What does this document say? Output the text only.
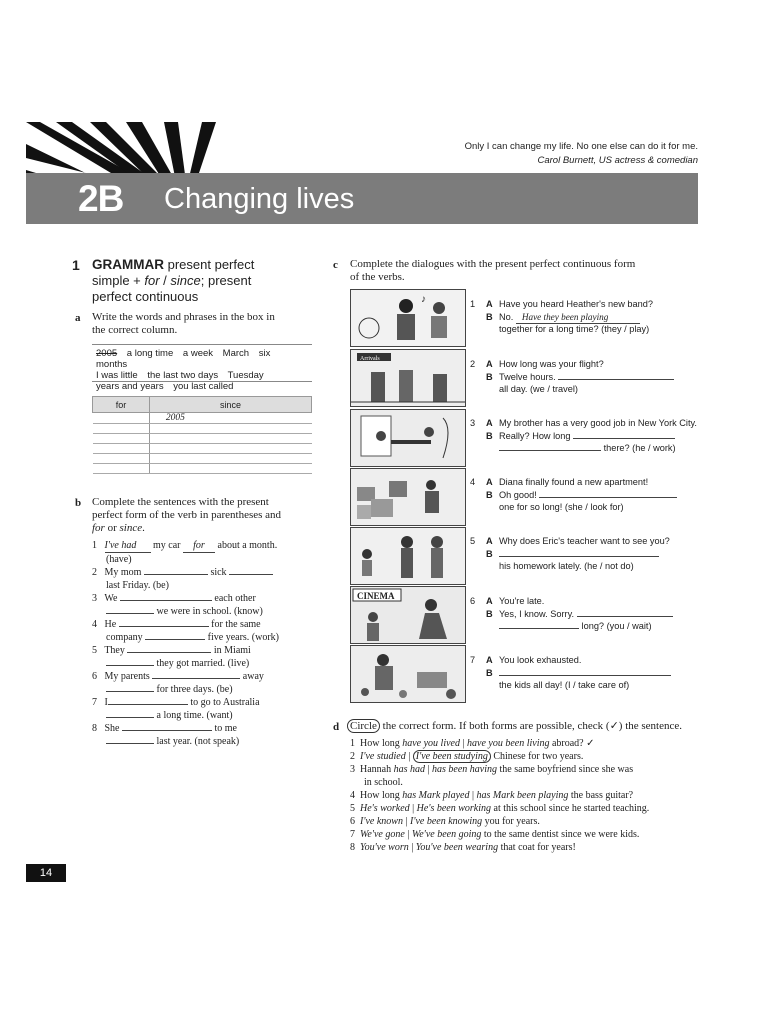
Only I can change my life. No one else can do it for me.
Carol Burnett, US actress & comedian
2B Changing lives
1 GRAMMAR present perfect
simple + for / since; present
perfect continuous
a Write the words and phrases in the box in
the correct column.
2005 a long time a week March six months
I was little the last two days Tuesday
years and years you last called
for	since
	2005

b Complete the sentences with the present
perfect form of the verb in parentheses and
for or since.
1 I've had my car for about a month.
(have)
2 My mom	sick
last Friday. (be)
3 We	each other
we were in school. (know)
4 He	for the same
company	five years. (work)
5 They	in Miami
they got married. (live)
6 My parents	away
for three days. (be)
7 I	to go to Australia
a long time. (want)
8 She	to me
last year. (not speak)
c Complete the dialogues with the present perfect continuous form
of the verbs.
♪
Arrivals
CINEMA
1 A Have you heard Heather's new band?
B No. Have they been playing
together for a long time? (they / play)
2 A How long was your flight?
B Twelve hours.
all day. (we / travel)
3 A My brother has a very good job in New York City.
B Really? How long
there? (he / work)
4 A Diana finally found a new apartment!
B Oh good!
one for so long! (she / look for)
5 A Why does Eric's teacher want to see you?
B
his homework lately. (he / not do)
6 A You're late.
B Yes, I know. Sorry.
long? (you / wait)
7 A You look exhausted.
B
the kids all day! (I / take care of)
d Circle the correct form. If both forms are possible, check (✓) the sentence.
1 How long have you lived | have you been living abroad? ✓
2 I've studied | I've been studying Chinese for two years.
3 Hannah has had | has been having the same boyfriend since she was
in school.
4 How long has Mark played | has Mark been playing the bass guitar?
5 He's worked | He's been working at this school since he started teaching.
6 I've known | I've been knowing you for years.
7 We've gone | We've been going to the same dentist since we were kids.
8 You've worn | You've been wearing that coat for years!
14
